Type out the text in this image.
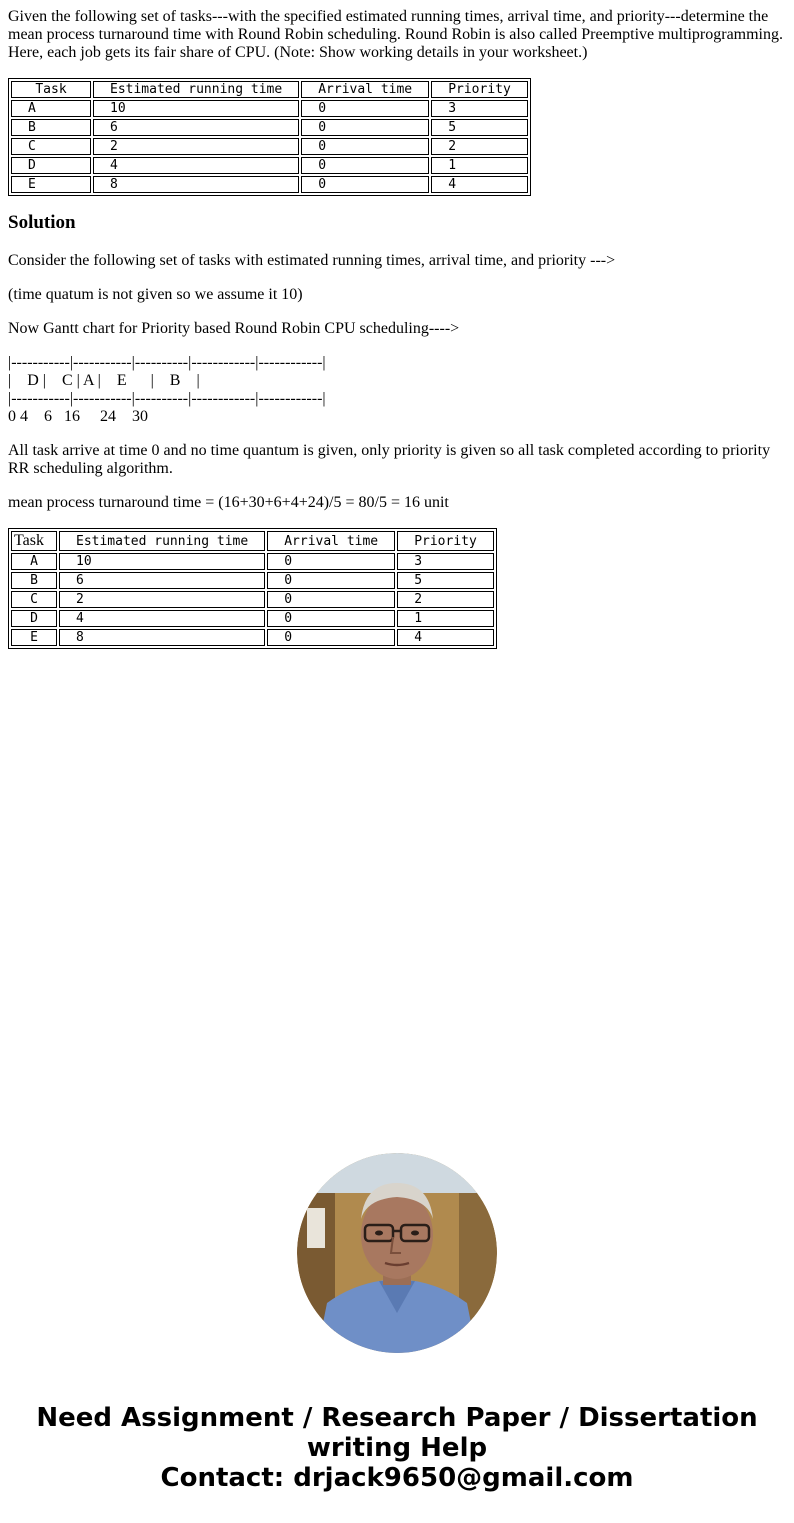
Given the following set of tasks---with the specified estimated running times, arrival time, and priority---determine the mean process turnaround time with Round Robin scheduling. Round Robin is also called Preemptive multiprogramming. Here, each job gets its fair share of CPU. (Note: Show working details in your worksheet.)

Task	Estimated running time	Arrival time	Priority
A	10	0	3
B	6	0	5
C	2	0	2
D	4	0	1
E	8	0	4
Solution

Consider the following set of tasks with estimated running times, arrival time, and priority --->

(time quatum is not given so we assume it 10)

Now Gantt chart for Priority based Round Robin CPU scheduling---->

|-----------|-----------|----------|------------|------------|
|    D |    C | A |    E      |    B    |
|-----------|-----------|----------|------------|------------|
0 4    6   16     24    30

All task arrive at time 0 and no time quantum is given, only priority is given so all task completed according to priority RR scheduling algorithm.

mean process turnaround time = (16+30+6+4+24)/5 = 80/5 = 16 unit

Task	Estimated running time	Arrival time	Priority
A	10	0	3
B	6	0	5
C	2	0	2
D	4	0	1
E	8	0	4
Need Assignment / Research Paper / Dissertation
writing Help
Contact: drjack9650@gmail.com
